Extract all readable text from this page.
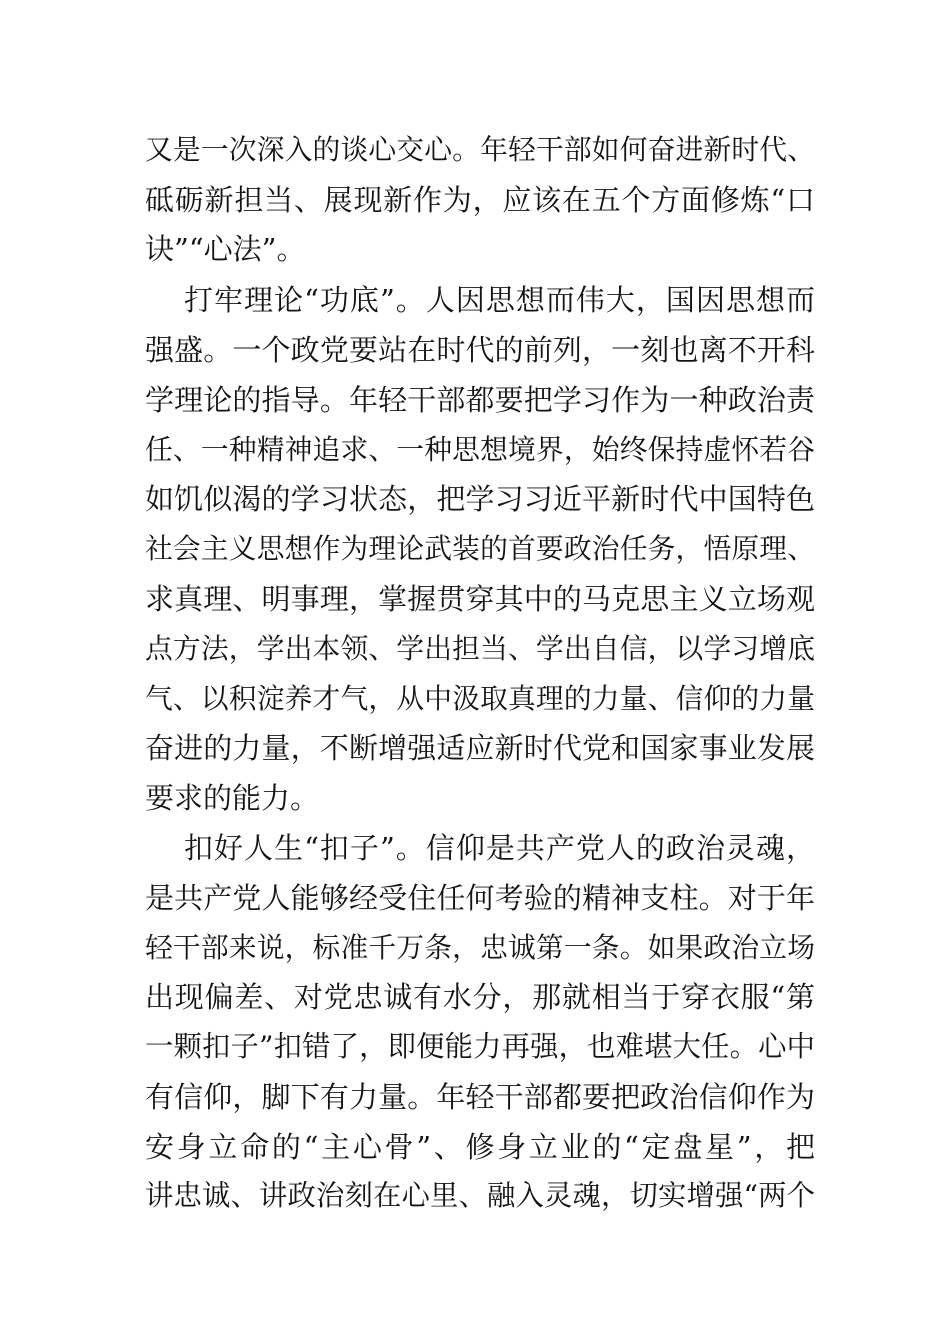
又是一次深入的谈心交心。年轻干部如何奋进新时代、
砥砺新担当、展现新作为，应该在五个方面修炼“口
诀”“心法”。
打牢理论“功底”。人因思想而伟大，国因思想而
强盛。一个政党要站在时代的前列，一刻也离不开科
学理论的指导。年轻干部都要把学习作为一种政治责
任、一种精神追求、一种思想境界，始终保持虚怀若谷
如饥似渴的学习状态，把学习习近平新时代中国特色
社会主义思想作为理论武装的首要政治任务，悟原理、
求真理、明事理，掌握贯穿其中的马克思主义立场观
点方法，学出本领、学出担当、学出自信，以学习增底
气、以积淀养才气，从中汲取真理的力量、信仰的力量
奋进的力量，不断增强适应新时代党和国家事业发展
要求的能力。
扣好人生“扣子”。信仰是共产党人的政治灵魂，
是共产党人能够经受住任何考验的精神支柱。对于年
轻干部来说，标准千万条，忠诚第一条。如果政治立场
出现偏差、对党忠诚有水分，那就相当于穿衣服“第
一颗扣子”扣错了，即便能力再强，也难堪大任。心中
有信仰，脚下有力量。年轻干部都要把政治信仰作为
安身立命的“主心骨”、修身立业的“定盘星”，把
讲忠诚、讲政治刻在心里、融入灵魂，切实增强“两个
